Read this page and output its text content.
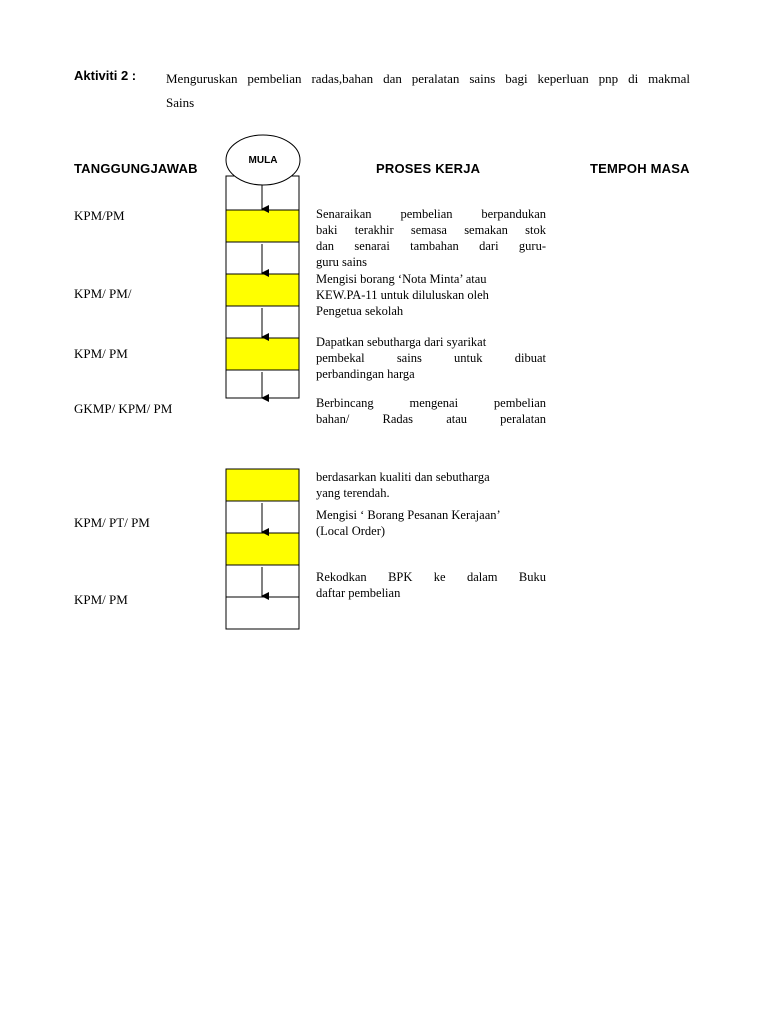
Aktiviti 2 : Menguruskan pembelian radas,bahan dan peralatan sains bagi keperluan pnp di makmal
Sains
TANGGUNGJAWAB	PROSES KERJA	TEMPOH MASA
MULA
KPM/PM
KPM/ PM/
KPM/ PM
GKMP/ KPM/ PM
KPM/ PT/ PM
KPM/ PM
Senaraikan pembelian berpandukan
baki terakhir semasa semakan stok
dan senarai tambahan dari guru-
guru sains
Mengisi borang ‘Nota Minta’ atau
KEW.PA-11 untuk diluluskan oleh
Pengetua sekolah
Dapatkan sebutharga dari syarikat
pembekal sains untuk dibuat
perbandingan harga
Berbincang mengenai pembelian
bahan/ Radas atau peralatan
berdasarkan kualiti dan sebutharga
yang terendah.
Mengisi ‘ Borang Pesanan Kerajaan’
(Local Order)
Rekodkan BPK ke dalam Buku
daftar pembelian
